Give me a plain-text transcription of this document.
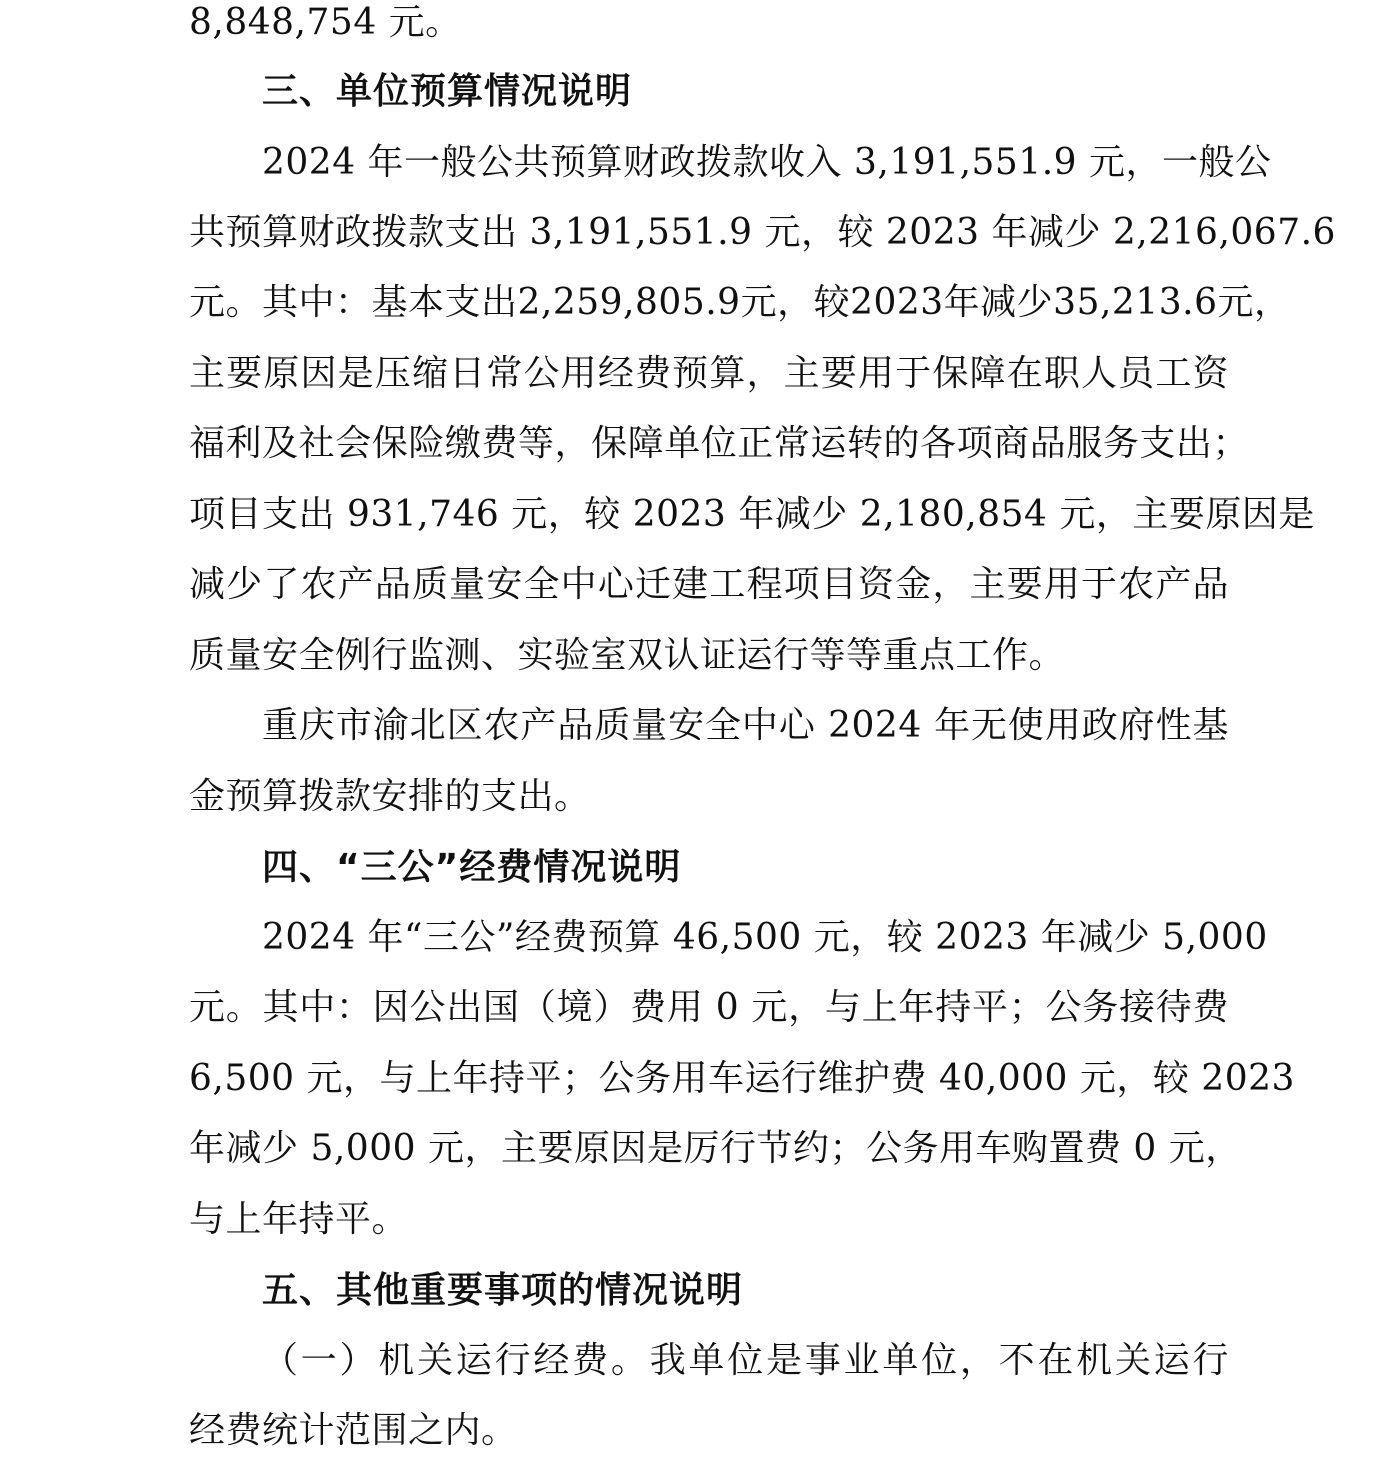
8,848,754 元。
三、单位预算情况说明
2024 年一般公共预算财政拨款收入 3,191,551.9 元，一般公
共预算财政拨款支出 3,191,551.9 元，较 2023 年减少 2,216,067.6
元。其中：基本支出2,259,805.9元，较2023年减少35,213.6元，
主要原因是压缩日常公用经费预算，主要用于保障在职人员工资
福利及社会保险缴费等，保障单位正常运转的各项商品服务支出；
项目支出 931,746 元，较 2023 年减少 2,180,854 元，主要原因是
减少了农产品质量安全中心迁建工程项目资金，主要用于农产品
质量安全例行监测、实验室双认证运行等等重点工作。
重庆市渝北区农产品质量安全中心 2024 年无使用政府性基
金预算拨款安排的支出。
四、“三公”经费情况说明
2024 年“三公”经费预算 46,500 元，较 2023 年减少 5,000
元。其中：因公出国（境）费用 0 元，与上年持平；公务接待费
6,500 元，与上年持平；公务用车运行维护费 40,000 元，较 2023
年减少 5,000 元，主要原因是厉行节约；公务用车购置费 0 元，
与上年持平。
五、其他重要事项的情况说明
（一）机关运行经费。我单位是事业单位，不在机关运行
经费统计范围之内。
